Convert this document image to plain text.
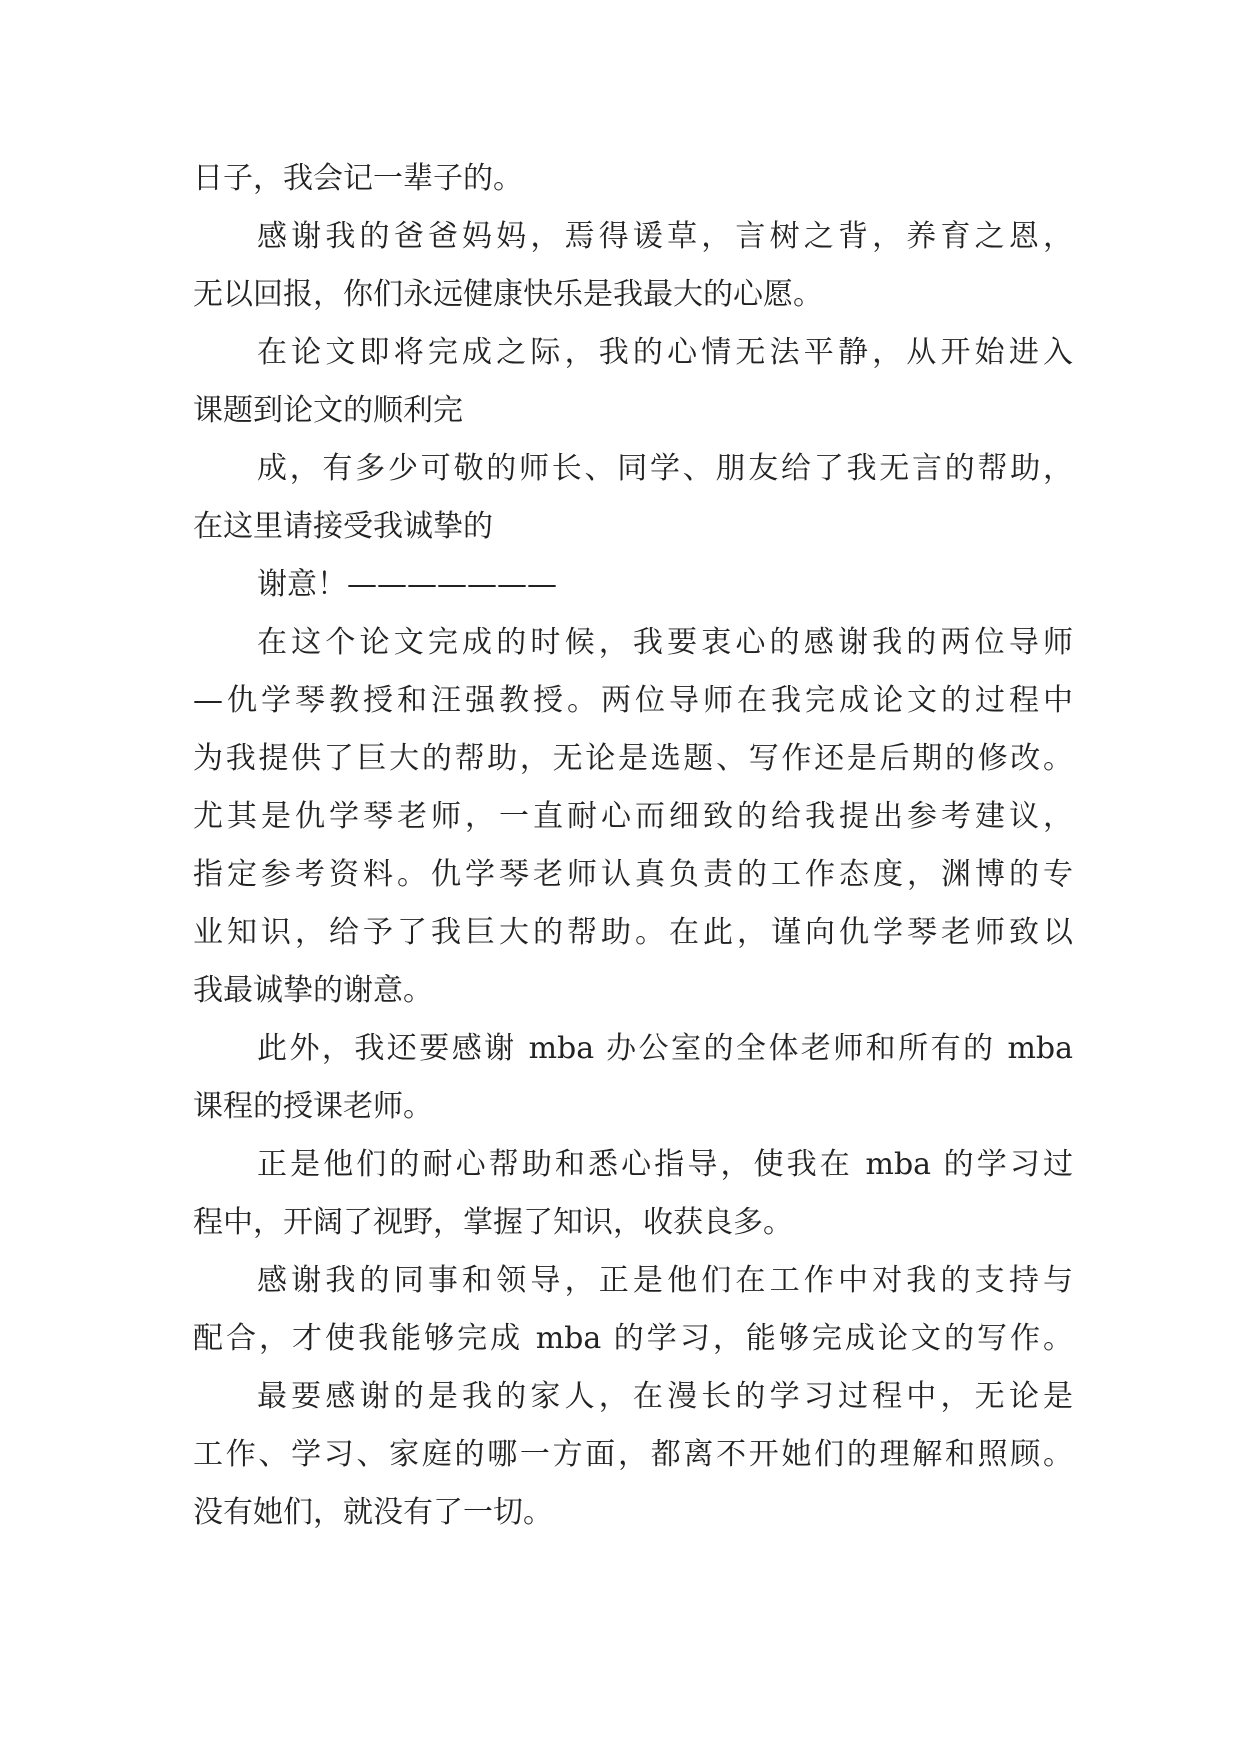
日子，我会记一辈子的。
感谢我的爸爸妈妈，焉得谖草，言树之背，养育之恩，
无以回报，你们永远健康快乐是我最大的心愿。
在论文即将完成之际，我的心情无法平静，从开始进入
课题到论文的顺利完
成，有多少可敬的师长、同学、朋友给了我无言的帮助，
在这里请接受我诚挚的
谢意！———————
在这个论文完成的时候，我要衷心的感谢我的两位导师
—仇学琴教授和汪强教授。两位导师在我完成论文的过程中
为我提供了巨大的帮助，无论是选题、写作还是后期的修改。
尤其是仇学琴老师，一直耐心而细致的给我提出参考建议，
指定参考资料。仇学琴老师认真负责的工作态度，渊博的专
业知识，给予了我巨大的帮助。在此，谨向仇学琴老师致以
我最诚挚的谢意。
此外，我还要感谢 mba 办公室的全体老师和所有的 mba
课程的授课老师。
正是他们的耐心帮助和悉心指导，使我在 mba 的学习过
程中，开阔了视野，掌握了知识，收获良多。
感谢我的同事和领导，正是他们在工作中对我的支持与
配合，才使我能够完成 mba 的学习，能够完成论文的写作。
最要感谢的是我的家人，在漫长的学习过程中，无论是
工作、学习、家庭的哪一方面，都离不开她们的理解和照顾。
没有她们，就没有了一切。
